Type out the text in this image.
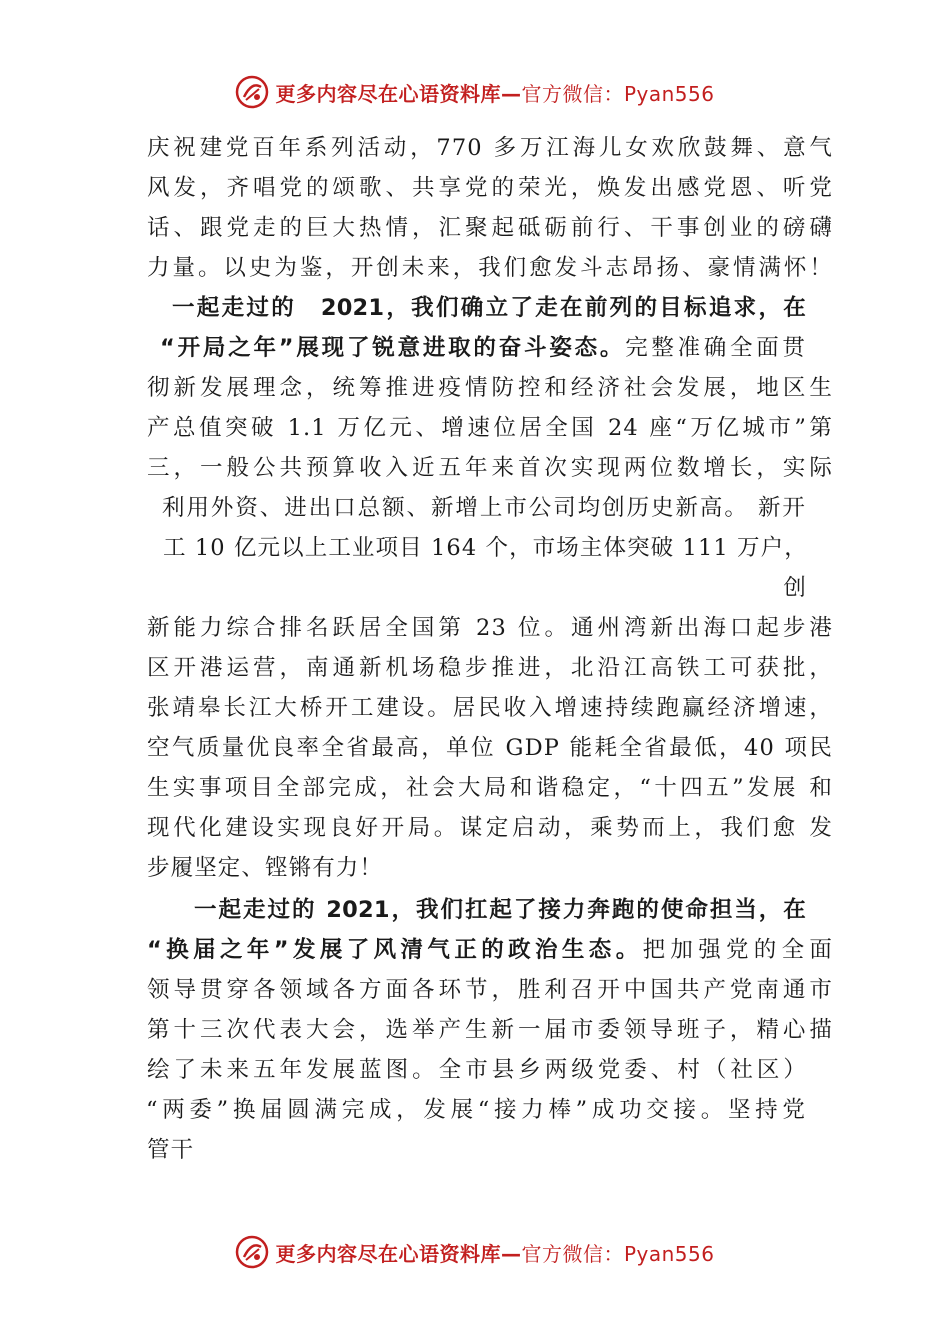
更多内容尽在心语资料库—官方微信：Pyan556
庆祝建党百年系列活动，770 多万江海儿女欢欣鼓舞、意气
风发，齐唱党的颂歌、共享党的荣光，焕发出感党恩、听党
话、跟党走的巨大热情，汇聚起砥砺前行、干事创业的磅礴
力量。以史为鉴，开创未来，我们愈发斗志昂扬、豪情满怀！
一起走过的　2021，我们确立了走在前列的目标追求，在
“开局之年”展现了锐意进取的奋斗姿态。完整准确全面贯
彻新发展理念，统筹推进疫情防控和经济社会发展，地区生
产总值突破 1.1 万亿元、增速位居全国 24 座“万亿城市”第
三，一般公共预算收入近五年来首次实现两位数增长，实际
利用外资、进出口总额、新增上市公司均创历史新高。 新开
工 10 亿元以上工业项目 164 个，市场主体突破 111 万户，
创
新能力综合排名跃居全国第 23 位。通州湾新出海口起步港
区开港运营，南通新机场稳步推进，北沿江高铁工可获批，
张靖皋长江大桥开工建设。居民收入增速持续跑赢经济增速，
空气质量优良率全省最高，单位 GDP 能耗全省最低，40 项民
生实事项目全部完成，社会大局和谐稳定，“十四五”发展 和
现代化建设实现良好开局。谋定启动，乘势而上，我们愈 发
步履坚定、铿锵有力！
一起走过的 2021，我们扛起了接力奔跑的使命担当，在
“换届之年”发展了风清气正的政治生态。把加强党的全面
领导贯穿各领域各方面各环节，胜利召开中国共产党南通市
第十三次代表大会，选举产生新一届市委领导班子，精心描
绘了未来五年发展蓝图。全市县乡两级党委、村（社区）
“两委”换届圆满完成，发展“接力棒”成功交接。坚持党
管干
更多内容尽在心语资料库—官方微信：Pyan556
